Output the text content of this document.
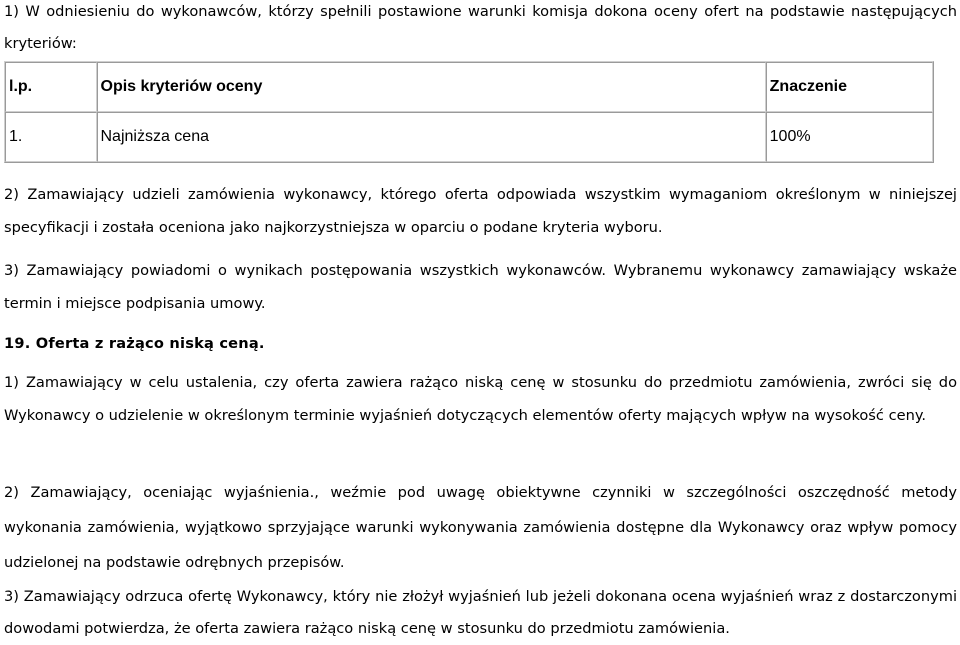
1) W odniesieniu do wykonawców, którzy spełnili postawione warunki komisja dokona oceny ofert na podstawie następujących kryteriów:

l.p.	Opis kryteriów oceny	Znaczenie
1.	Najniższa cena	100%

2) Zamawiający udzieli zamówienia wykonawcy, którego oferta odpowiada wszystkim wymaganiom określonym w niniejszej specyfikacji i została oceniona jako najkorzystniejsza w oparciu o podane kryteria wyboru.

3) Zamawiający powiadomi o wynikach postępowania wszystkich wykonawców. Wybranemu wykonawcy zamawiający wskaże termin i miejsce podpisania umowy.

19. Oferta z rażąco niską ceną.

1) Zamawiający w celu ustalenia, czy oferta zawiera rażąco niską cenę w stosunku do przedmiotu zamówienia, zwróci się do Wykonawcy o udzielenie w określonym terminie wyjaśnień dotyczących elementów oferty mających wpływ na wysokość ceny.

2) Zamawiający, oceniając wyjaśnienia., weźmie pod uwagę obiektywne czynniki w szczególności oszczędność metody wykonania zamówienia, wyjątkowo sprzyjające warunki wykonywania zamówienia dostępne dla Wykonawcy oraz wpływ pomocy udzielonej na podstawie odrębnych przepisów.

3) Zamawiający odrzuca ofertę Wykonawcy, który nie złożył wyjaśnień lub jeżeli dokonana ocena wyjaśnień wraz z dostarczonymi dowodami potwierdza, że oferta zawiera rażąco niską cenę w stosunku do przedmiotu zamówienia.
